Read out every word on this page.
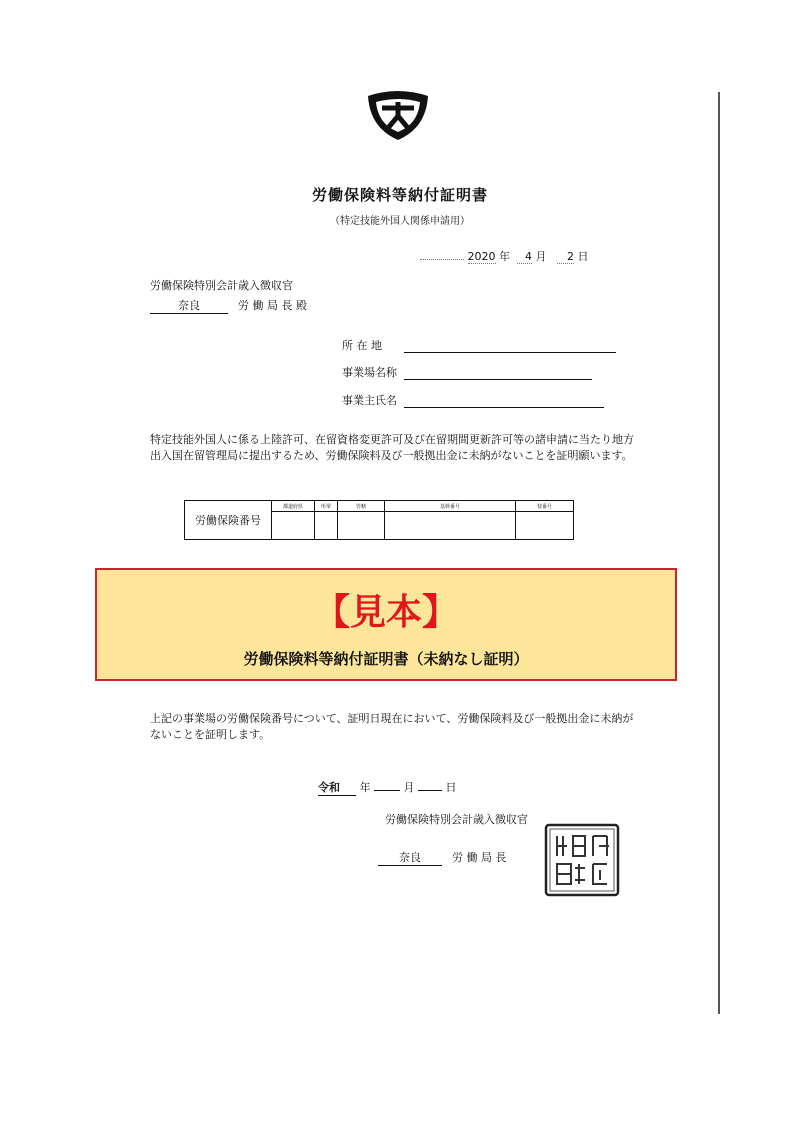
労働保険料等納付証明書
（特定技能外国人関係申請用）
2020 年 4 月 2 日
労働保険特別会計歳入徴収官
奈良	労 働 局 長 殿
所 在 地
事業場名称
事業主氏名
特定技能外国人に係る上陸許可、在留資格変更許可及び在留期間更新許可等の諸申請に当たり地方出入国在留管理局に提出するため、労働保険料及び一般拠出金に未納がないことを証明願います。
労働保険番号	都道府県	所掌	管轄	基幹番号	枝番号

【見本】
労働保険料等納付証明書（未納なし証明）
上記の事業場の労働保険番号について、証明日現在において、労働保険料及び一般拠出金に未納がないことを証明します。
令和 年	月	日
労働保険特別会計歳入徴収官
奈良	労 働 局 長
